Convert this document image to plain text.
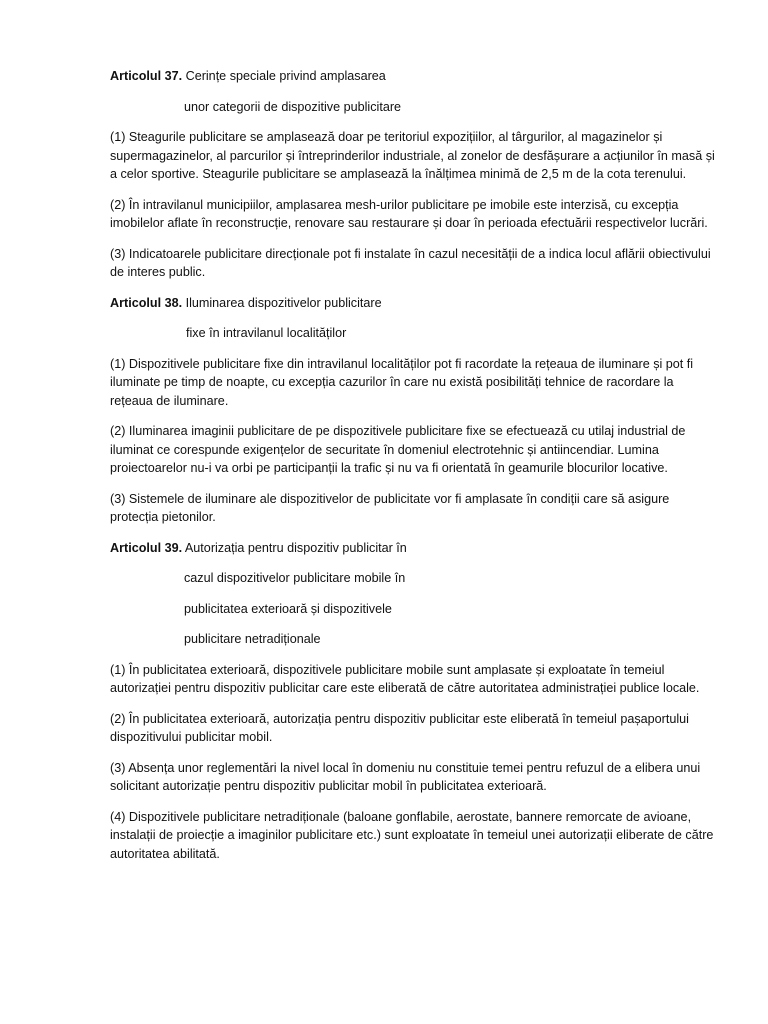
Articolul 37. Cerințe speciale privind amplasarea

unor categorii de dispozitive publicitare

(1) Steagurile publicitare se amplasează doar pe teritoriul expozițiilor, al târgurilor, al magazinelor și supermagazinelor, al parcurilor și întreprinderilor industriale, al zonelor de desfășurare a acțiunilor în masă și a celor sportive. Steagurile publicitare se amplasează la înălțimea minimă de 2,5 m de la cota terenului.

(2) În intravilanul municipiilor, amplasarea mesh-urilor publicitare pe imobile este interzisă, cu excepția imobilelor aflate în reconstrucție, renovare sau restaurare și doar în perioada efectuării respectivelor lucrări.

(3) Indicatoarele publicitare direcționale pot fi instalate în cazul necesității de a indica locul aflării obiectivului de interes public.

Articolul 38. Iluminarea dispozitivelor publicitare

fixe în intravilanul localităților

(1) Dispozitivele publicitare fixe din intravilanul localităților pot fi racordate la rețeaua de iluminare și pot fi iluminate pe timp de noapte, cu excepția cazurilor în care nu există posibilități tehnice de racordare la rețeaua de iluminare.

(2) Iluminarea imaginii publicitare de pe dispozitivele publicitare fixe se efectuează cu utilaj industrial de iluminat ce corespunde exigențelor de securitate în domeniul electrotehnic și antiincendiar. Lumina proiectoarelor nu-i va orbi pe participanții la trafic și nu va fi orientată în geamurile blocurilor locative.

(3) Sistemele de iluminare ale dispozitivelor de publicitate vor fi amplasate în condiții care să asigure protecția pietonilor.

Articolul 39. Autorizația pentru dispozitiv publicitar în

cazul dispozitivelor publicitare mobile în

publicitatea exterioară și dispozitivele

publicitare netradiționale

(1) În publicitatea exterioară, dispozitivele publicitare mobile sunt amplasate și exploatate în temeiul autorizației pentru dispozitiv publicitar care este eliberată de către autoritatea administrației publice locale.

(2) În publicitatea exterioară, autorizația pentru dispozitiv publicitar este eliberată în temeiul pașaportului dispozitivului publicitar mobil.

(3) Absența unor reglementări la nivel local în domeniu nu constituie temei pentru refuzul de a elibera unui solicitant autorizație pentru dispozitiv publicitar mobil în publicitatea exterioară.

(4) Dispozitivele publicitare netradiționale (baloane gonflabile, aerostate, bannere remorcate de avioane, instalații de proiecție a imaginilor publicitare etc.) sunt exploatate în temeiul unei autorizații eliberate de către autoritatea abilitată.
